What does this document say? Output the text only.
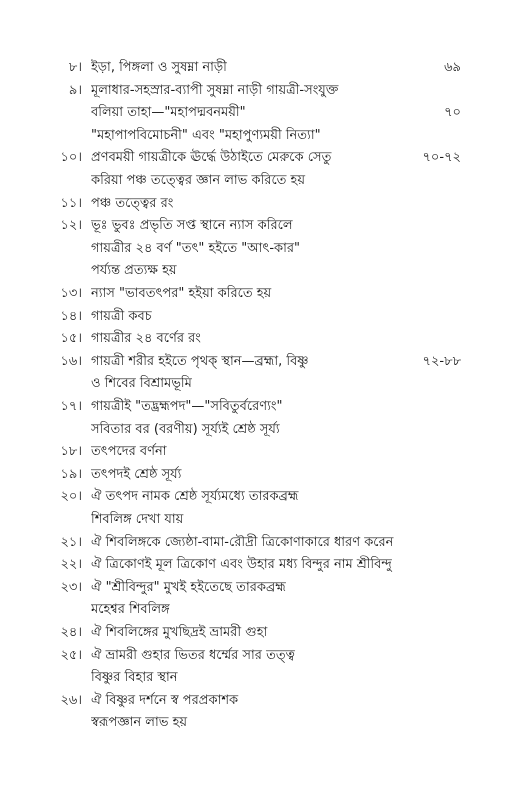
৮। ইড়া, পিঙ্গলা ও সুষম্না নাড়ী	৬৯
৯। মূলাধার-সহস্রার-ব্যাপী সুষম্না নাড়ী গায়ত্রী-সংযুক্ত
বলিয়া তাহা—"মহাপদ্মবনময়ী"
"মহাপাপবিমোচনী" এবং "মহাপুণ্যময়ী নিত্যা"
৭০
১০। প্রণবময়ী গায়ত্রীকে ঊর্দ্ধে উঠাইতে মেরুকে সেতু
করিয়া পঞ্চ তত্ত্বের জ্ঞান লাভ করিতে হয়
৭০-৭২
১১। পঞ্চ তত্ত্বের রং
১২। ভূঃ ভুবঃ প্রভৃতি সপ্ত স্থানে ন্যাস করিলে
গায়ত্রীর ২৪ বর্ণ "তৎ" হইতে "আৎ-কার"
পর্য্যন্ত প্রত্যক্ষ হয়
১৩। ন্যাস "ভাবতৎপর" হইয়া করিতে হয়
১৪। গায়ত্রী কবচ
১৫। গায়ত্রীর ২৪ বর্ণের রং
১৬। গায়ত্রী শরীর হইতে পৃথক্ স্থান—ব্রহ্মা, বিষ্ণু
ও শিবের বিশ্রামভূমি
৭২-৮৮
১৭। গায়ত্রীই "তদ্ভ্রহ্মপদ"—"সবিতুর্বরেণ্যং"
সবিতার বর (বরণীয়) সূর্য্যই শ্রেষ্ঠ সূর্য্য
১৮। তৎপদের বর্ণনা
১৯। তৎপদই শ্রেষ্ঠ সূর্য্য
২০। ঐ তৎপদ নামক শ্রেষ্ঠ সূর্য্যমধ্যে তারকব্রহ্ম
শিবলিঙ্গ দেখা যায়
২১। ঐ শিবলিঙ্গকে জ্যেষ্ঠা-বামা-রৌদ্রী ত্রিকোণাকারে ধারণ করেন
২২। ঐ ত্রিকোণই মূল ত্রিকোণ এবং উহার মধ্য বিন্দুর নাম শ্রীবিন্দু
২৩। ঐ "শ্রীবিন্দুর" মুখই হইতেছে তারকব্রহ্ম
মহেশ্বর শিবলিঙ্গ
২৪। ঐ শিবলিঙ্গের মুখছিদ্রই ভ্রামরী গুহা
২৫। ঐ ভ্রামরী গুহার ভিতর ধর্ম্মের সার তত্ত্ব
বিষ্ণুর বিহার স্থান
২৬। ঐ বিষ্ণুর দর্শনে স্ব পরপ্রকাশক
স্বরূপজ্ঞান লাভ হয়
